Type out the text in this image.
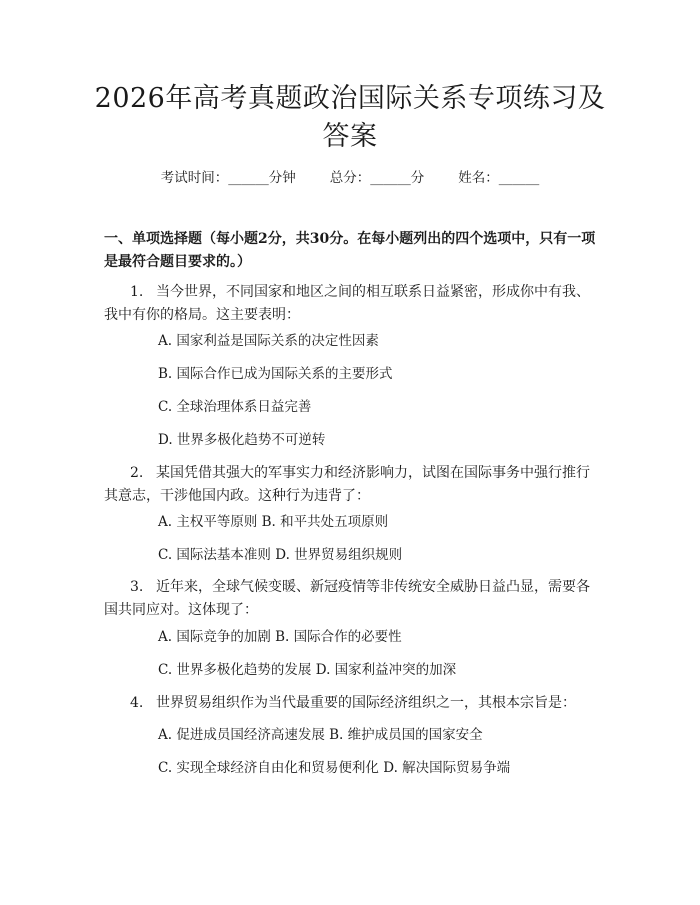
2026年高考真题政治国际关系专项练习及答案
考试时间：______分钟	总分：______分	姓名：______
一、单项选择题（每小题2分，共30分。在每小题列出的四个选项中，只有一项是最符合题目要求的。）
1. 当今世界，不同国家和地区之间的相互联系日益紧密，形成你中有我、我中有你的格局。这主要表明：
A. 国家利益是国际关系的决定性因素
B. 国际合作已成为国际关系的主要形式
C. 全球治理体系日益完善
D. 世界多极化趋势不可逆转
2. 某国凭借其强大的军事实力和经济影响力，试图在国际事务中强行推行其意志，干涉他国内政。这种行为违背了：
A. 主权平等原则 B. 和平共处五项原则
C. 国际法基本准则 D. 世界贸易组织规则
3. 近年来，全球气候变暖、新冠疫情等非传统安全威胁日益凸显，需要各国共同应对。这体现了：
A. 国际竞争的加剧 B. 国际合作的必要性
C. 世界多极化趋势的发展 D. 国家利益冲突的加深
4. 世界贸易组织作为当代最重要的国际经济组织之一，其根本宗旨是：
A. 促进成员国经济高速发展 B. 维护成员国的国家安全
C. 实现全球经济自由化和贸易便利化 D. 解决国际贸易争端
